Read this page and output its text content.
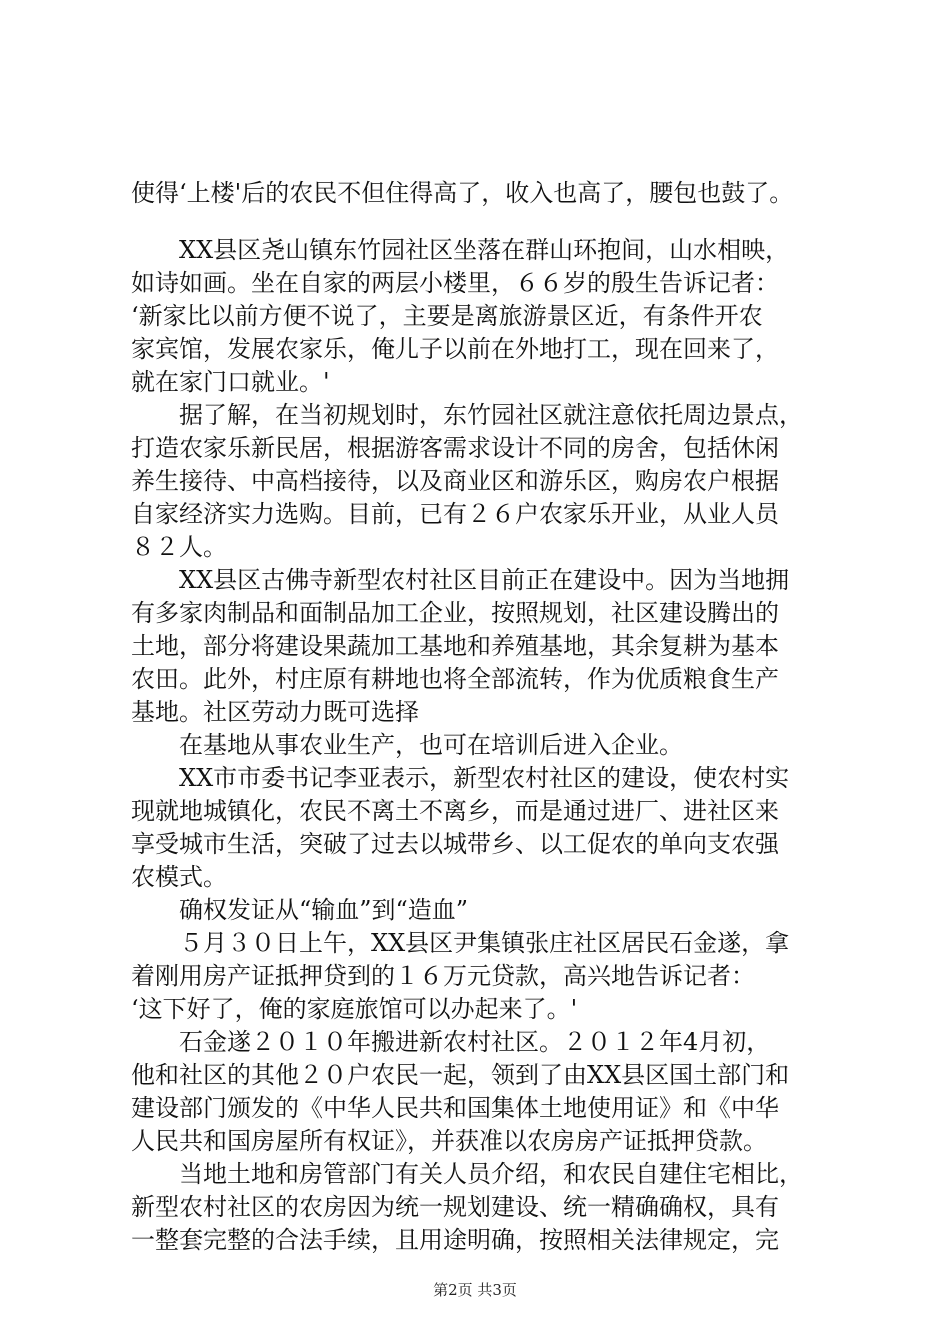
使得‘上楼'后的农民不但住得高了，收入也高了，腰包也鼓了。
　　XX县区尧山镇东竹园社区坐落在群山环抱间，山水相映，
如诗如画。坐在自家的两层小楼里，６６岁的殷生告诉记者：
‘新家比以前方便不说了，主要是离旅游景区近，有条件开农
家宾馆，发展农家乐，俺儿子以前在外地打工，现在回来了，
就在家门口就业。'
　　据了解，在当初规划时，东竹园社区就注意依托周边景点，
打造农家乐新民居，根据游客需求设计不同的房舍，包括休闲
养生接待、中高档接待，以及商业区和游乐区，购房农户根据
自家经济实力选购。目前，已有２６户农家乐开业，从业人员
８２人。
　　XX县区古佛寺新型农村社区目前正在建设中。因为当地拥
有多家肉制品和面制品加工企业，按照规划，社区建设腾出的
土地，部分将建设果蔬加工基地和养殖基地，其余复耕为基本
农田。此外，村庄原有耕地也将全部流转，作为优质粮食生产
基地。社区劳动力既可选择
　　在基地从事农业生产，也可在培训后进入企业。
　　XX市市委书记李亚表示，新型农村社区的建设，使农村实
现就地城镇化，农民不离土不离乡，而是通过进厂、进社区来
享受城市生活，突破了过去以城带乡、以工促农的单向支农强
农模式。
　　确权发证从“输血”到“造血”
　　５月３０日上午，XX县区尹集镇张庄社区居民石金遂，拿
着刚用房产证抵押贷到的１６万元贷款，高兴地告诉记者：
‘这下好了，俺的家庭旅馆可以办起来了。'
　　石金遂２０１０年搬进新农村社区。２０１２年4月初，
他和社区的其他２０户农民一起，领到了由XX县区国土部门和
建设部门颁发的《中华人民共和国集体土地使用证》和《中华
人民共和国房屋所有权证》，并获准以农房房产证抵押贷款。
　　当地土地和房管部门有关人员介绍，和农民自建住宅相比，
新型农村社区的农房因为统一规划建设、统一精确确权，具有
一整套完整的合法手续，且用途明确，按照相关法律规定，完
第2页 共3页
